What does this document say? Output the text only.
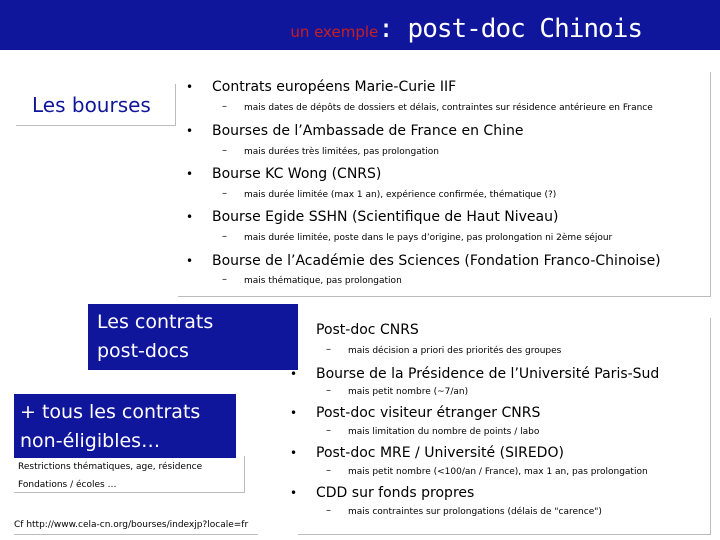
un exemple: post-doc Chinois
Les bourses
• Contrats européens Marie-Curie IIF
– mais dates de dépôts de dossiers et délais, contraintes sur résidence antérieure en France
• Bourses de l’Ambassade de France en Chine
– mais durées très limitées, pas prolongation
• Bourse KC Wong (CNRS)
– mais durée limitée (max 1 an), expérience confirmée, thématique (?)
• Bourse Egide SSHN (Scientifique de Haut Niveau)
– mais durée limitée, poste dans le pays d’origine, pas prolongation ni 2ème séjour
• Bourse de l’Académie des Sciences (Fondation Franco-Chinoise)
– mais thématique, pas prolongation
Les contrats
post-docs
Post-doc CNRS
– mais décision a priori des priorités des groupes
• Bourse de la Présidence de l’Université Paris-Sud
– mais petit nombre (~7/an)
• Post-doc visiteur étranger CNRS
– mais limitation du nombre de points / labo
• Post-doc MRE / Université (SIREDO)
– mais petit nombre (<100/an / France), max 1 an, pas prolongation
• CDD sur fonds propres
– mais contraintes sur prolongations (délais de "carence")
+ tous les contrats
non-éligibles…
Restrictions thématiques, age, résidence
Fondations / écoles …
Cf http://www.cela-cn.org/bourses/indexjp?locale=fr
